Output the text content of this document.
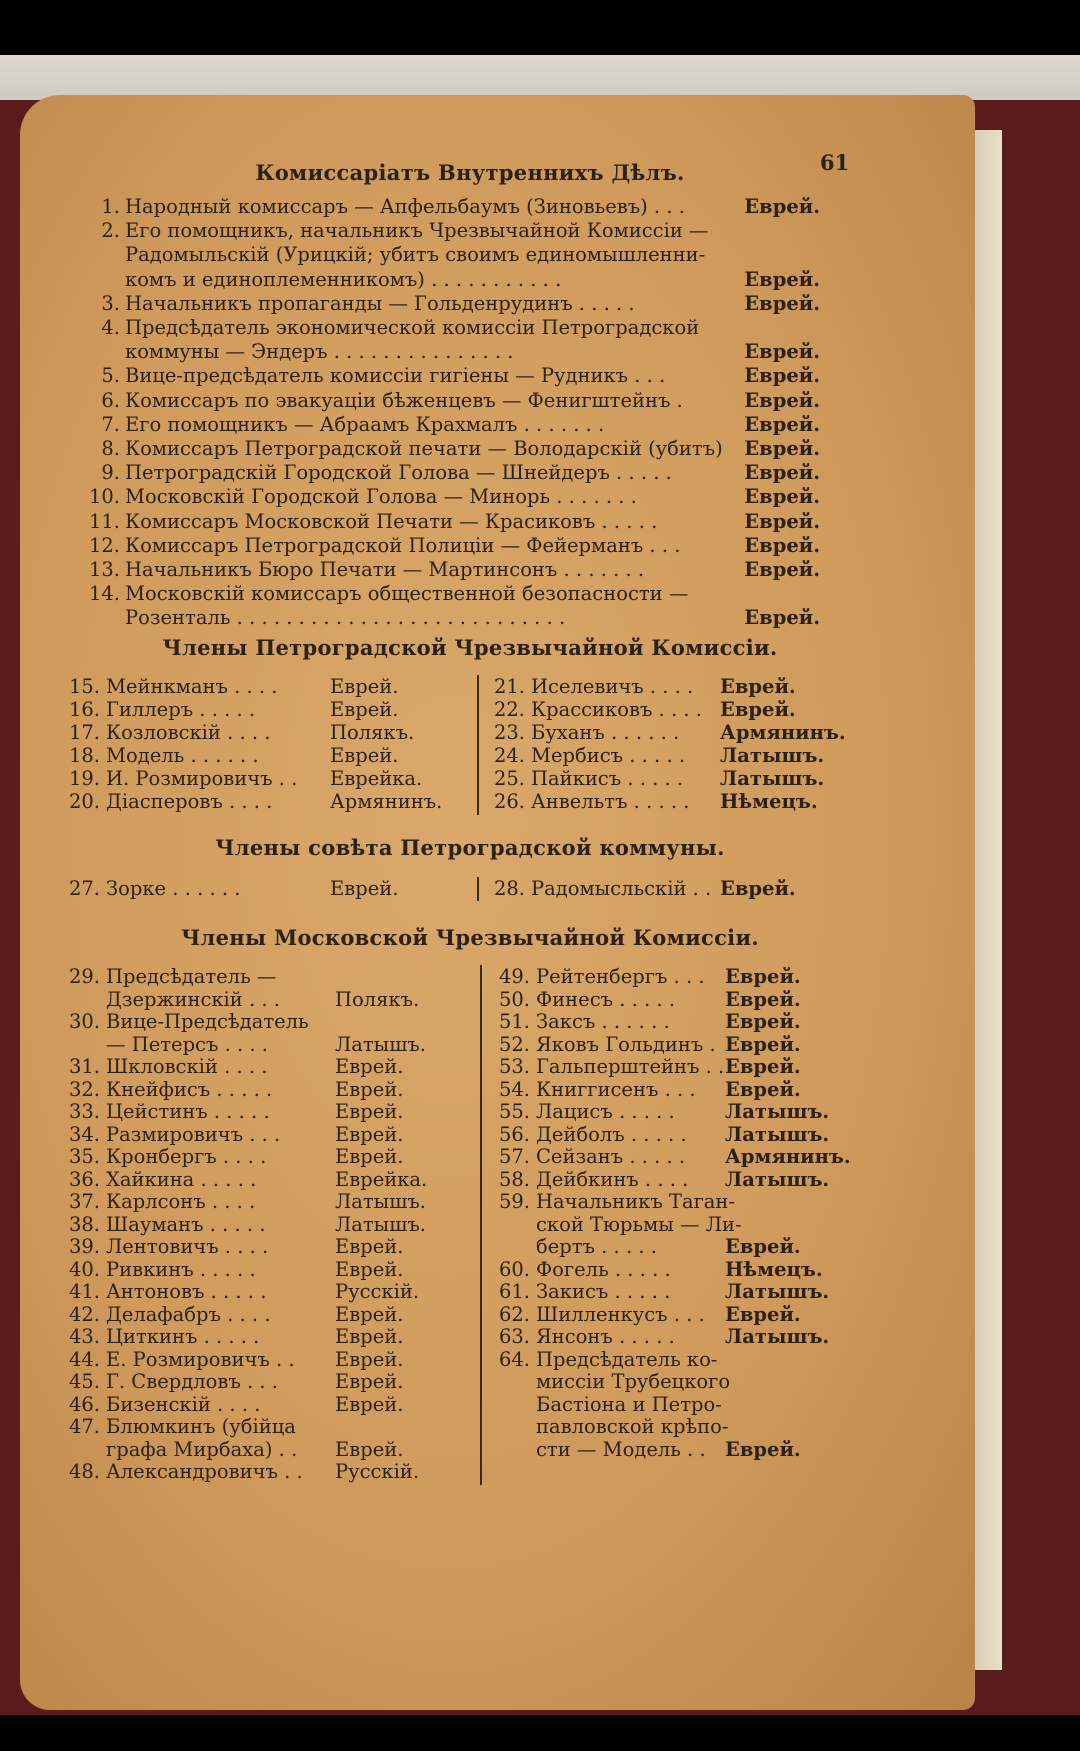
61
Комиссаріатъ Внутреннихъ Дѣлъ.
1. Народный комиссаръ — Апфельбаумъ (Зиновьевъ) . . .	Еврей.
2. Его помощникъ, начальникъ Чрезвычайной Комиссіи —
Радомыльскій (Урицкій; убитъ своимъ единомышленни-
комъ и единоплеменникомъ) . . . . . . . . . . .	Еврей.
3. Начальникъ пропаганды — Гольденрудинъ . . . . .	Еврей.
4. Предсѣдатель экономической комиссіи Петроградской
коммуны — Эндеръ . . . . . . . . . . . . . . .	Еврей.
5. Вице-предсѣдатель комиссіи гигіены — Рудникъ . . .	Еврей.
6. Комиссаръ по эвакуаціи бѣженцевъ — Фенигштейнъ .	Еврей.
7. Его помощникъ — Абраамъ Крахмалъ . . . . . . .	Еврей.
8. Комиссаръ Петроградской печати — Володарскій (убитъ) Еврей.
9. Петроградскій Городской Голова — Шнейдеръ . . . . .	Еврей.
10. Московскій Городской Голова — Минорь . . . . . . .	Еврей.
11. Комиссаръ Московской Печати — Красиковъ . . . . .	Еврей.
12. Комиссаръ Петроградской Полиціи — Фейерманъ . . .	Еврей.
13. Начальникъ Бюро Печати — Мартинсонъ . . . . . . .	Еврей.
14. Московскій комиссаръ общественной безопасности —
Розенталь . . . . . . . . . . . . . . . . . . . . . . . . . . .	Еврей.
Члены Петроградской Чрезвычайной Комиссіи.
15. Мейнкманъ . . . .	Еврей.
16. Гиллеръ . . . . .	Еврей.
17. Козловскій . . . .	Полякъ.
18. Модель . . . . . .	Еврей.
19. И. Розмировичъ . . Еврейка.
20. Діасперовъ . . . .	Армянинъ.
21. Иселевичъ . . . . Еврей.
22. Крассиковъ . . . . Еврей.
23. Буханъ . . . . . . Армянинъ.
24. Мербисъ . . . . . Латышъ.
25. Пайкисъ . . . . . Латышъ.
26. Анвельтъ . . . . . Нѣмецъ.
Члены совѣта Петроградской коммуны.
27. Зорке . . . . . .	Еврей.	28. Радомысльскій . . Еврей.
Члены Московской Чрезвычайной Комиссіи.
29. Предсѣдатель —
Дзержинскій . . .	Полякъ.
30. Вице-Предсѣдатель
— Петерсъ . . . .	Латышъ.
31. Шкловскій . . . .	Еврей.
32. Кнейфисъ . . . . .	Еврей.
33. Цейстинъ . . . . .	Еврей.
34. Размировичъ . . .	Еврей.
35. Кронбергъ . . . .	Еврей.
36. Хайкина . . . . .	Еврейка.
37. Карлсонъ . . . .	Латышъ.
38. Шауманъ . . . . .	Латышъ.
39. Лентовичъ . . . .	Еврей.
40. Ривкинъ . . . . .	Еврей.
41. Антоновъ . . . . .	Русскій.
42. Делафабръ . . . .	Еврей.
43. Циткинъ . . . . .	Еврей.
44. Е. Розмировичъ . . Еврей.
45. Г. Свердловъ . . .	Еврей.
46. Бизенскій . . . .	Еврей.
47. Блюмкинъ (убійца
графа Мирбаха) . . Еврей.
48. Александровичъ . . Русскій.
49. Рейтенбергъ . . . Еврей.
50. Финесъ . . . . .	Еврей.
51. Заксъ . . . . . .	Еврей.
52. Яковъ Гольдинъ . Еврей.
53. Гальперштейнъ . . Еврей.
54. Книггисенъ . . . Еврей.
55. Лацисъ . . . . .	Латышъ.
56. Дейболъ . . . . . Латышъ.
57. Сейзанъ . . . . . Армянинъ.
58. Дейбкинъ . . . . Латышъ.
59. Начальникъ Таган-
ской Тюрьмы — Ли-
бертъ . . . . .	Еврей.
60. Фогель . . . . .	Нѣмецъ.
61. Закисъ . . . . .	Латышъ.
62. Шилленкусъ . . . Еврей.
63. Янсонъ . . . . .	Латышъ.
64. Предсѣдатель ко-
миссіи Трубецкого
Бастіона и Петро-
павловской крѣпо-
сти — Модель . . Еврей.
